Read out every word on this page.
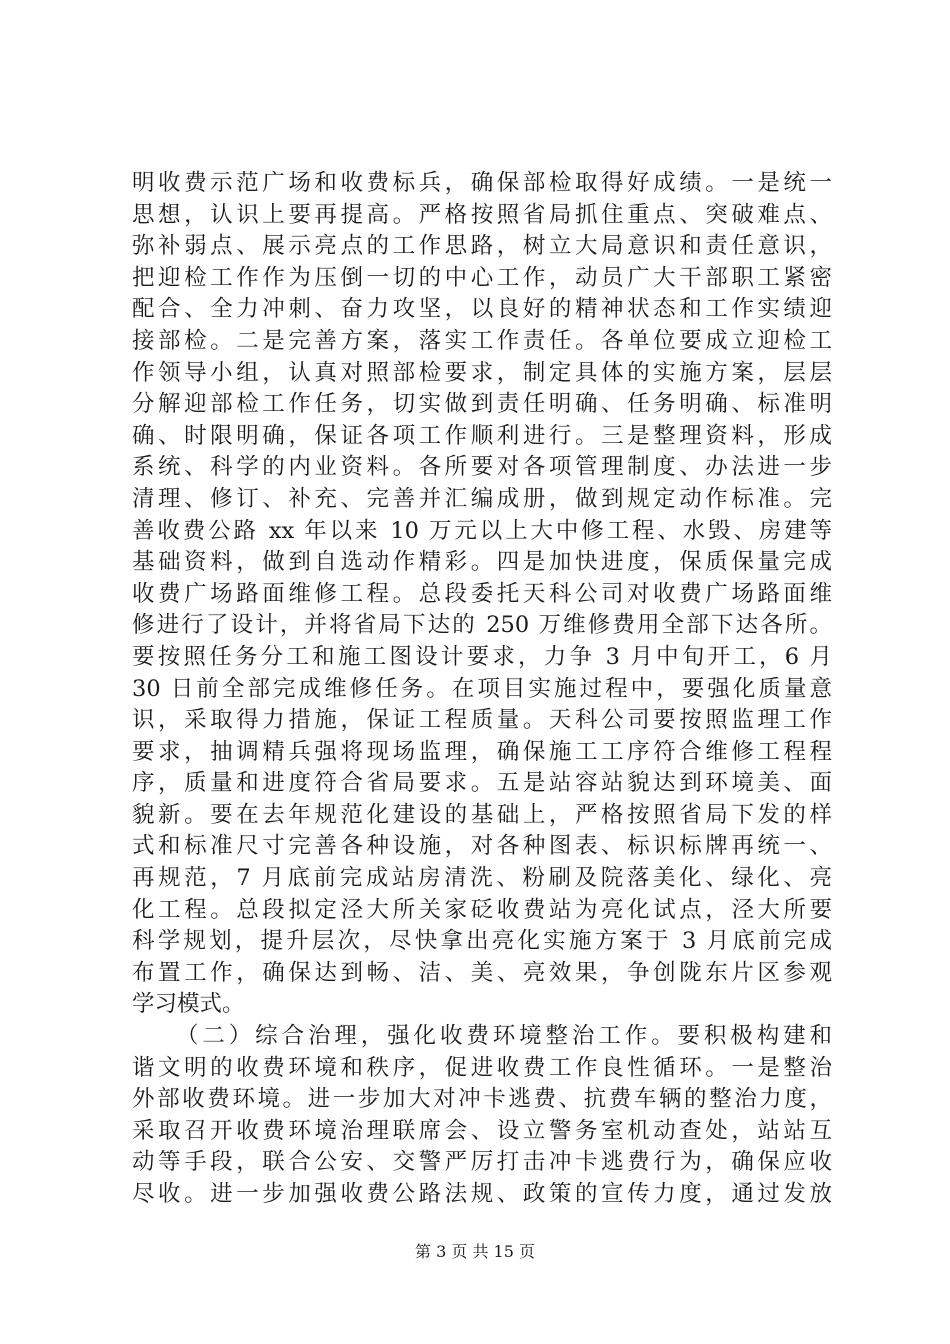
明收费示范广场和收费标兵，确保部检取得好成绩。一是统一
思想，认识上要再提高。严格按照省局抓住重点、突破难点、
弥补弱点、展示亮点的工作思路，树立大局意识和责任意识，
把迎检工作作为压倒一切的中心工作，动员广大干部职工紧密
配合、全力冲刺、奋力攻坚，以良好的精神状态和工作实绩迎
接部检。二是完善方案，落实工作责任。各单位要成立迎检工
作领导小组，认真对照部检要求，制定具体的实施方案，层层
分解迎部检工作任务，切实做到责任明确、任务明确、标准明
确、时限明确，保证各项工作顺利进行。三是整理资料，形成
系统、科学的内业资料。各所要对各项管理制度、办法进一步
清理、修订、补充、完善并汇编成册，做到规定动作标准。完
善收费公路 xx 年以来 10 万元以上大中修工程、水毁、房建等
基础资料，做到自选动作精彩。四是加快进度，保质保量完成
收费广场路面维修工程。总段委托天科公司对收费广场路面维
修进行了设计，并将省局下达的 250 万维修费用全部下达各所。
要按照任务分工和施工图设计要求，力争 3 月中旬开工，6 月
30 日前全部完成维修任务。在项目实施过程中，要强化质量意
识，采取得力措施，保证工程质量。天科公司要按照监理工作
要求，抽调精兵强将现场监理，确保施工工序符合维修工程程
序，质量和进度符合省局要求。五是站容站貌达到环境美、面
貌新。要在去年规范化建设的基础上，严格按照省局下发的样
式和标准尺寸完善各种设施，对各种图表、标识标牌再统一、
再规范，7 月底前完成站房清洗、粉刷及院落美化、绿化、亮
化工程。总段拟定泾大所关家砭收费站为亮化试点，泾大所要
科学规划，提升层次，尽快拿出亮化实施方案于 3 月底前完成
布置工作，确保达到畅、洁、美、亮效果，争创陇东片区参观
学习模式。
（二）综合治理，强化收费环境整治工作。要积极构建和
谐文明的收费环境和秩序，促进收费工作良性循环。一是整治
外部收费环境。进一步加大对冲卡逃费、抗费车辆的整治力度，
采取召开收费环境治理联席会、设立警务室机动查处，站站互
动等手段，联合公安、交警严厉打击冲卡逃费行为，确保应收
尽收。进一步加强收费公路法规、政策的宣传力度，通过发放
第 3 页 共 15 页
